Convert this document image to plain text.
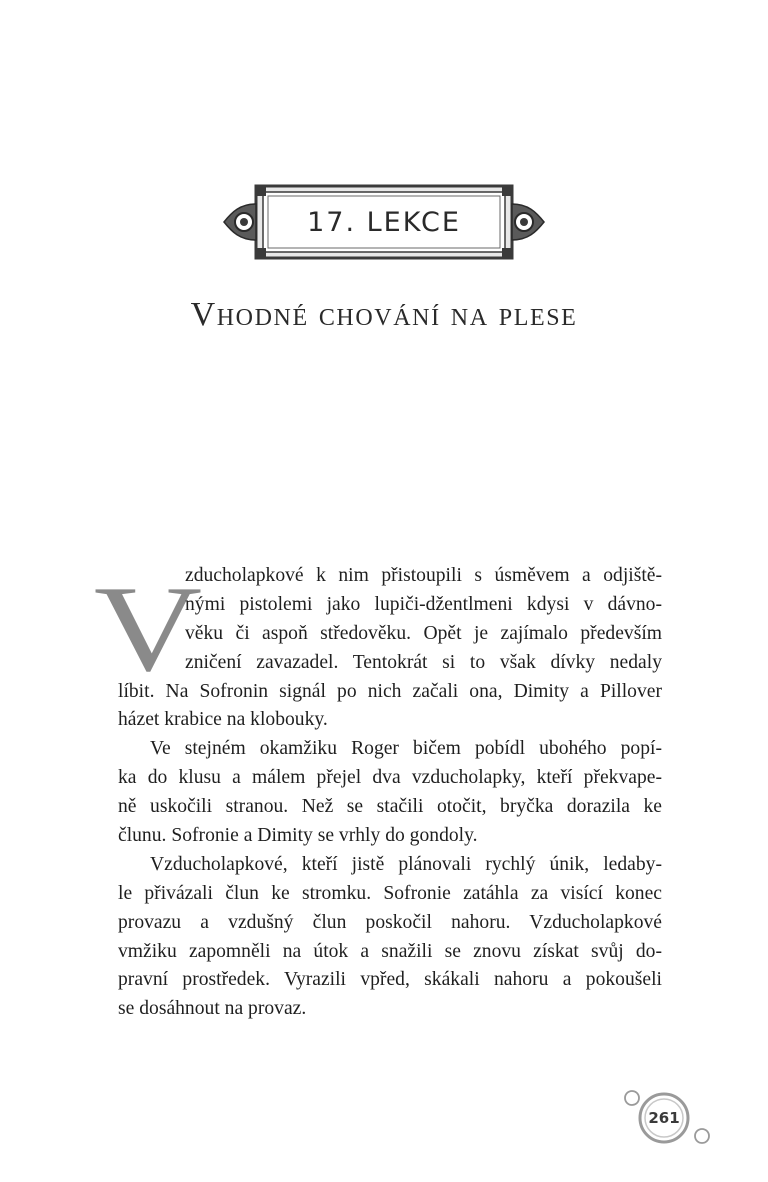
17. LEKCE
Vhodné chování na plese
V
zducholapkové k nim přistoupili s úsměvem a odjiště-
nými pistolemi jako lupiči-džentlmeni kdysi v dávno-
věku či aspoň středověku. Opět je zajímalo především
zničení zavazadel. Tentokrát si to však dívky nedaly
líbit. Na Sofronin signál po nich začali ona, Dimity a Pillover
házet krabice na klobouky.
Ve stejném okamžiku Roger bičem pobídl ubohého popí-
ka do klusu a málem přejel dva vzducholapky, kteří překvape-
ně uskočili stranou. Než se stačili otočit, bryčka dorazila ke
člunu. Sofronie a Dimity se vrhly do gondoly.
Vzducholapkové, kteří jistě plánovali rychlý únik, ledaby-
le přivázali člun ke stromku. Sofronie zatáhla za visící konec
provazu a vzdušný člun poskočil nahoru. Vzducholapkové
vmžiku zapomněli na útok a snažili se znovu získat svůj do-
pravní prostředek. Vyrazili vpřed, skákali nahoru a pokoušeli
se dosáhnout na provaz.
261
